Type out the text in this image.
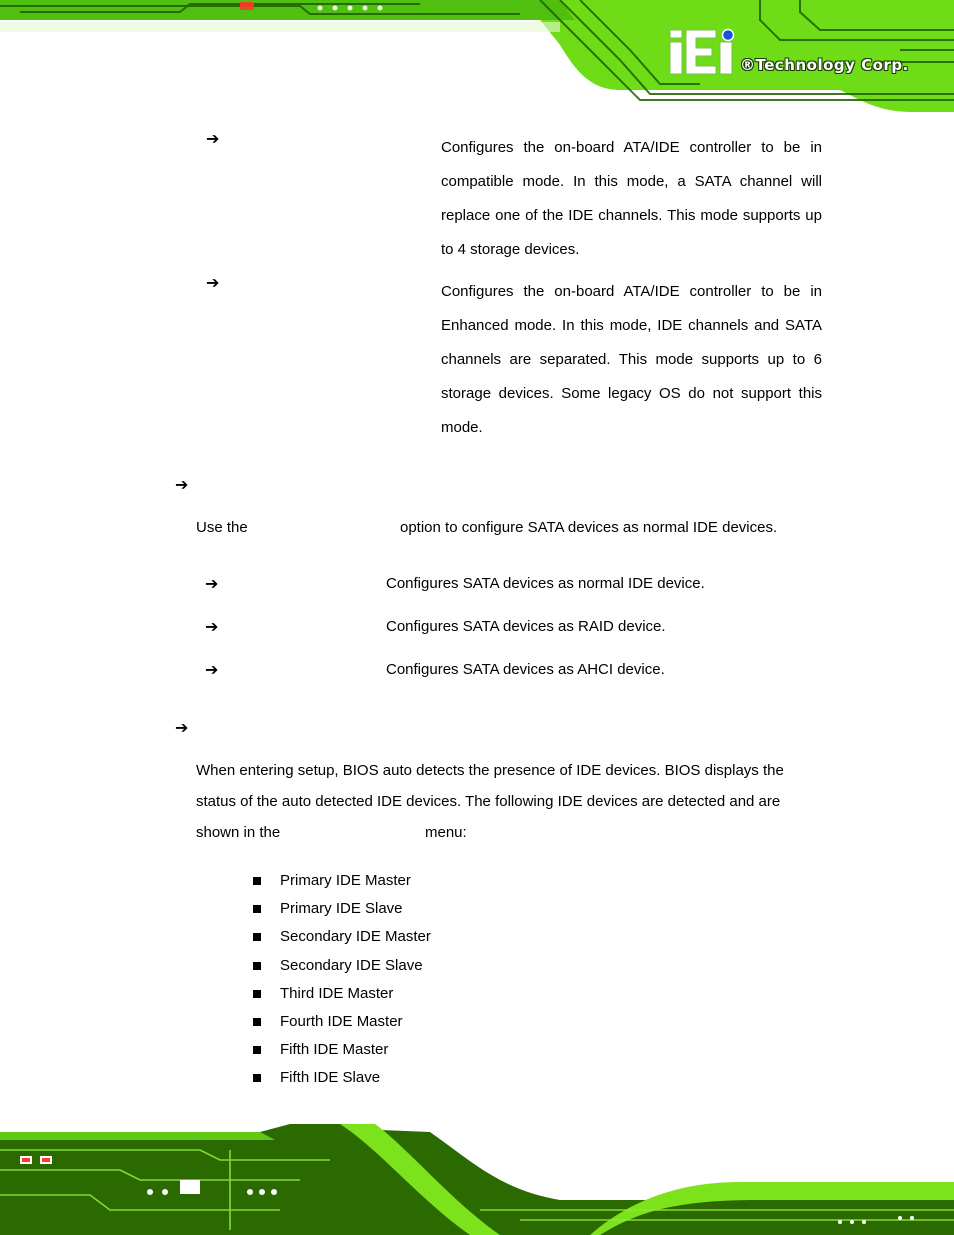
®Technology Corp.
➔	Configures the on-board ATA/IDE controller to be in compatible mode. In this mode, a SATA channel will replace one of the IDE channels. This mode supports up to 4 storage devices.

➔	Configures the on-board ATA/IDE controller to be in Enhanced mode. In this mode, IDE channels and SATA channels are separated. This mode supports up to 6 storage devices. Some legacy OS do not support this mode.

➔
Use the	option to configure SATA devices as normal IDE devices.
➔	Configures SATA devices as normal IDE device.
➔	Configures SATA devices as RAID device.
➔	Configures SATA devices as AHCI device.
➔
When entering setup, BIOS auto detects the presence of IDE devices. BIOS displays the
status of the auto detected IDE devices. The following IDE devices are detected and are
shown in the	menu:
Primary IDE Master
Primary IDE Slave
Secondary IDE Master
Secondary IDE Slave
Third IDE Master
Fourth IDE Master
Fifth IDE Master
Fifth IDE Slave
